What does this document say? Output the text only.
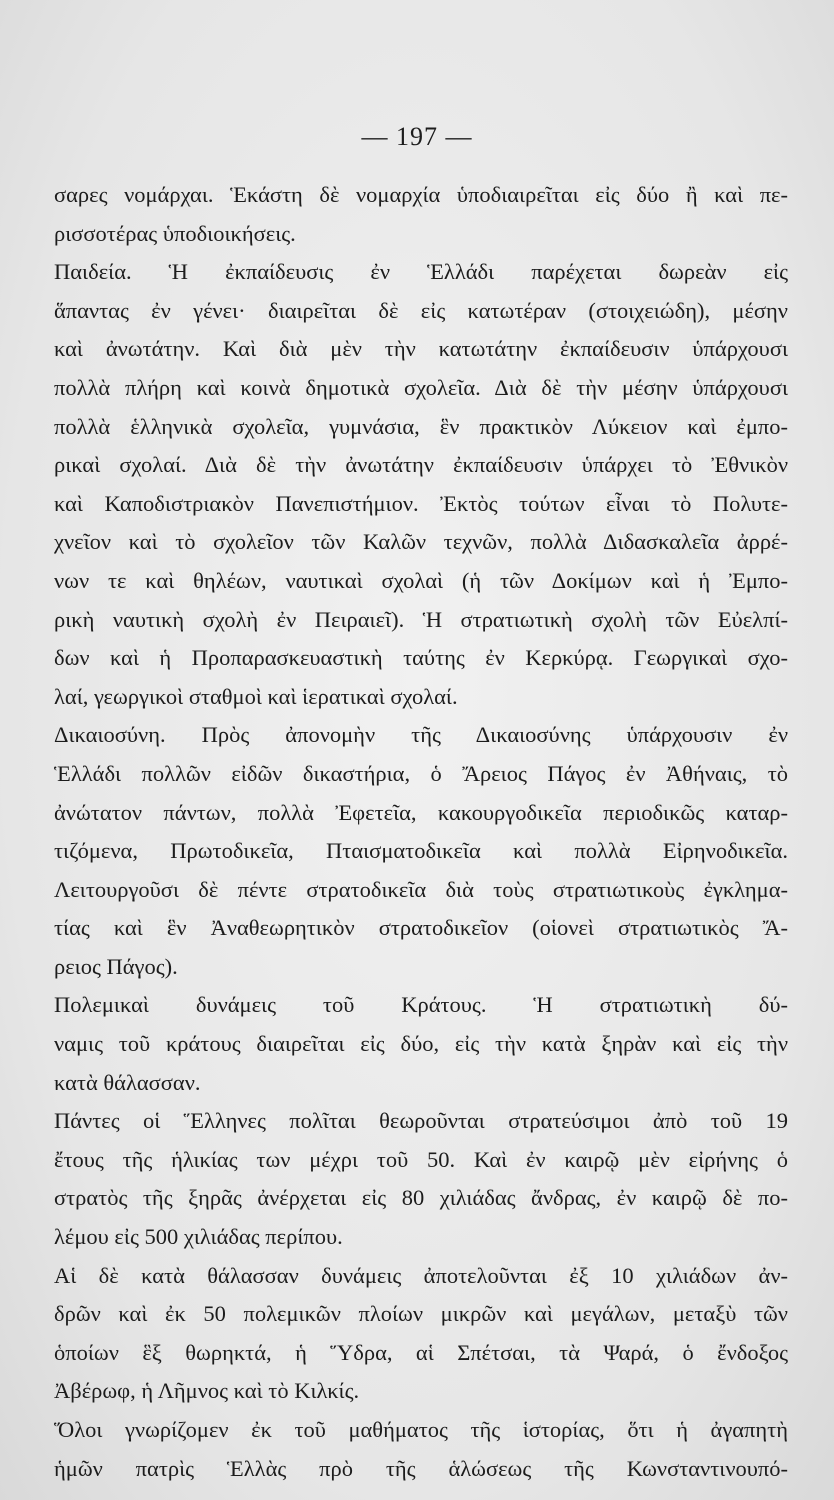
— 197 —
σαρες νομάρχαι. Ἑκάστη δὲ νομαρχία ὑποδιαιρεῖται εἰς δύο ἢ καὶ πε-
ρισσοτέρας ὑποδιοικήσεις.
Παιδεία. Ἡ ἐκπαίδευσις ἐν Ἑλλάδι παρέχεται δωρεὰν εἰς
ἅπαντας ἐν γένει· διαιρεῖται δὲ εἰς κατωτέραν (στοιχειώδη), μέσην
καὶ ἀνωτάτην. Καὶ διὰ μὲν τὴν κατωτάτην ἐκπαίδευσιν ὑπάρχουσι
πολλὰ πλήρη καὶ κοινὰ δημοτικὰ σχολεῖα. Διὰ δὲ τὴν μέσην ὑπάρχουσι
πολλὰ ἑλληνικὰ σχολεῖα, γυμνάσια, ἓν πρακτικὸν Λύκειον καὶ ἐμπο-
ρικαὶ σχολαί. Διὰ δὲ τὴν ἀνωτάτην ἐκπαίδευσιν ὑπάρχει τὸ Ἐθνικὸν
καὶ Καποδιστριακὸν Πανεπιστήμιον. Ἐκτὸς τούτων εἶναι τὸ Πολυτε-
χνεῖον καὶ τὸ σχολεῖον τῶν Καλῶν τεχνῶν, πολλὰ Διδασκαλεῖα ἀρρέ-
νων τε καὶ θηλέων, ναυτικαὶ σχολαὶ (ἡ τῶν Δοκίμων καὶ ἡ Ἐμπο-
ρικὴ ναυτικὴ σχολὴ ἐν Πειραιεῖ). Ἡ στρατιωτικὴ σχολὴ τῶν Εὐελπί-
δων καὶ ἡ Προπαρασκευαστικὴ ταύτης ἐν Κερκύρᾳ. Γεωργικαὶ σχο-
λαί, γεωργικοὶ σταθμοὶ καὶ ἱερατικαὶ σχολαί.
Δικαιοσύνη. Πρὸς ἀπονομὴν τῆς Δικαιοσύνης ὑπάρχουσιν ἐν
Ἑλλάδι πολλῶν εἰδῶν δικαστήρια, ὁ Ἄρειος Πάγος ἐν Ἀθήναις, τὸ
ἀνώτατον πάντων, πολλὰ Ἐφετεῖα, κακουργοδικεῖα περιοδικῶς καταρ-
τιζόμενα, Πρωτοδικεῖα, Πταισματοδικεῖα καὶ πολλὰ Εἰρηνοδικεῖα.
Λειτουργοῦσι δὲ πέντε στρατοδικεῖα διὰ τοὺς στρατιωτικοὺς ἐγκλημα-
τίας καὶ ἓν Ἀναθεωρητικὸν στρατοδικεῖον (οἱονεὶ στρατιωτικὸς Ἄ-
ρειος Πάγος).
Πολεμικαὶ δυνάμεις τοῦ Κράτους. Ἡ στρατιωτικὴ δύ-
ναμις τοῦ κράτους διαιρεῖται εἰς δύο, εἰς τὴν κατὰ ξηρὰν καὶ εἰς τὴν
κατὰ θάλασσαν.
Πάντες οἱ Ἕλληνες πολῖται θεωροῦνται στρατεύσιμοι ἀπὸ τοῦ 19
ἔτους τῆς ἡλικίας των μέχρι τοῦ 50. Καὶ ἐν καιρῷ μὲν εἰρήνης ὁ
στρατὸς τῆς ξηρᾶς ἀνέρχεται εἰς 80 χιλιάδας ἄνδρας, ἐν καιρῷ δὲ πο-
λέμου εἰς 500 χιλιάδας περίπου.
Αἱ δὲ κατὰ θάλασσαν δυνάμεις ἀποτελοῦνται ἐξ 10 χιλιάδων ἀν-
δρῶν καὶ ἐκ 50 πολεμικῶν πλοίων μικρῶν καὶ μεγάλων, μεταξὺ τῶν
ὁποίων ἓξ θωρηκτά, ἡ Ὕδρα, αἱ Σπέτσαι, τὰ Ψαρά, ὁ ἔνδοξος
Ἀβέρωφ, ἡ Λῆμνος καὶ τὸ Κιλκίς.
Ὅλοι γνωρίζομεν ἐκ τοῦ μαθήματος τῆς ἱστορίας, ὅτι ἡ ἀγαπητὴ
ἡμῶν πατρὶς Ἑλλὰς πρὸ τῆς ἁλώσεως τῆς Κωνσταντινουπό-
